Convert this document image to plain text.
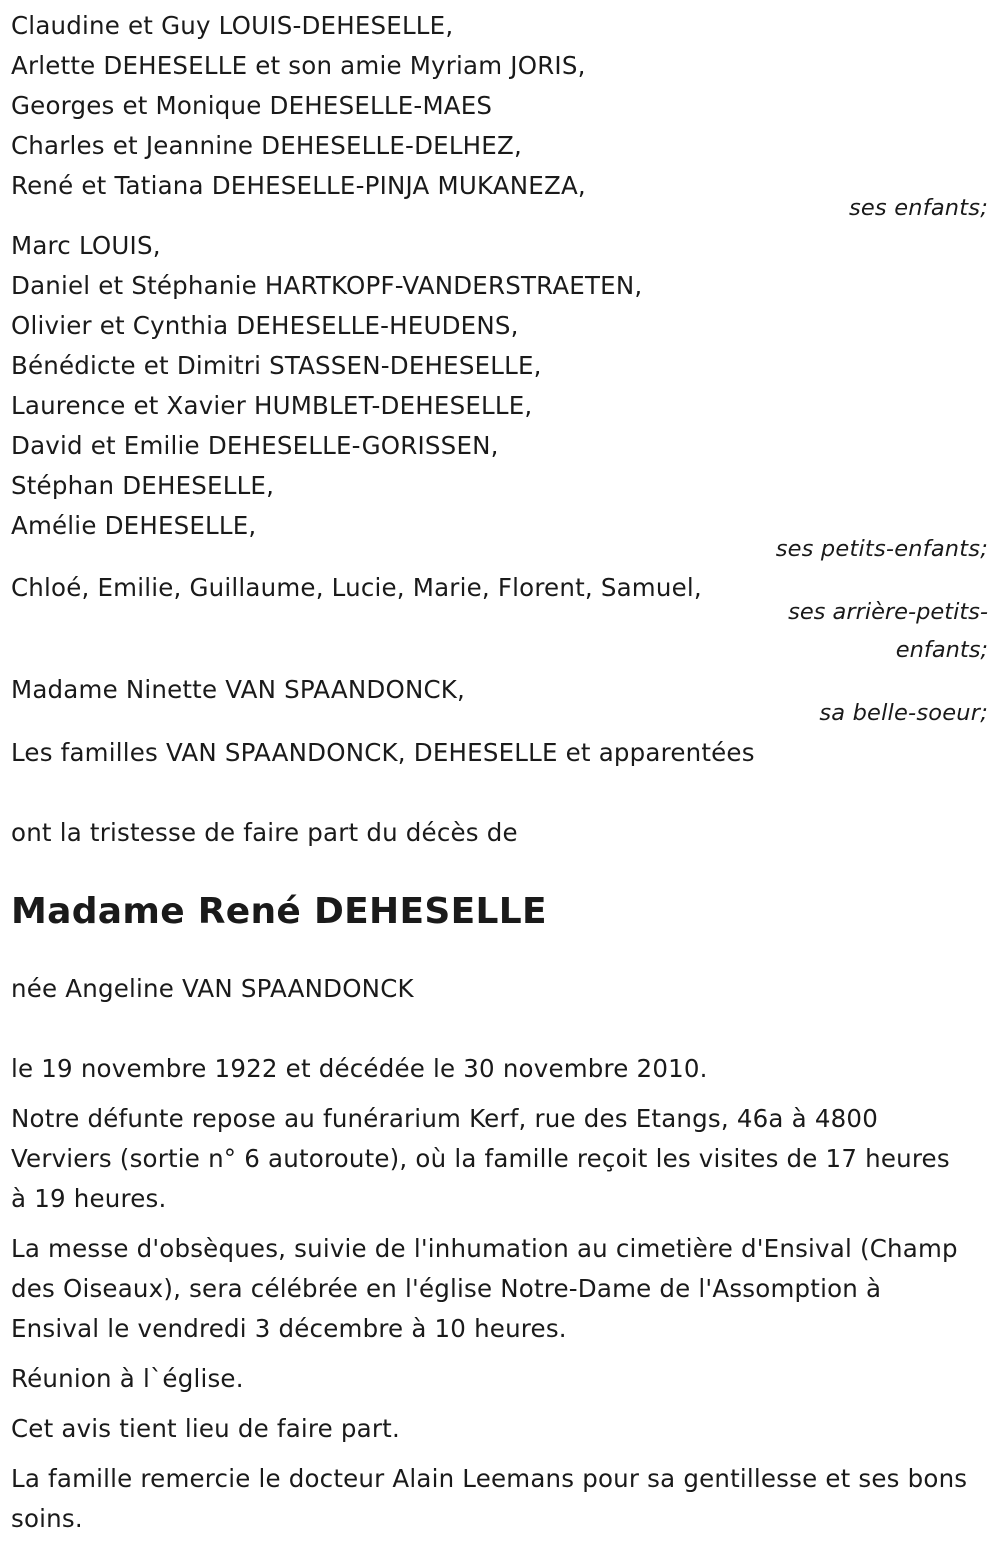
Claudine et Guy LOUIS-DEHESELLE,
Arlette DEHESELLE et son amie Myriam JORIS,
Georges et Monique DEHESELLE-MAES
Charles et Jeannine DEHESELLE-DELHEZ,
René et Tatiana DEHESELLE-PINJA MUKANEZA,
ses enfants;
Marc LOUIS,
Daniel et Stéphanie HARTKOPF-VANDERSTRAETEN,
Olivier et Cynthia DEHESELLE-HEUDENS,
Bénédicte et Dimitri STASSEN-DEHESELLE,
Laurence et Xavier HUMBLET-DEHESELLE,
David et Emilie DEHESELLE-GORISSEN,
Stéphan DEHESELLE,
Amélie DEHESELLE,
ses petits-enfants;
Chloé, Emilie, Guillaume, Lucie, Marie, Florent, Samuel,
ses arrière-petits-
enfants;
Madame Ninette VAN SPAANDONCK,
sa belle-soeur;
Les familles VAN SPAANDONCK, DEHESELLE et apparentées
ont la tristesse de faire part du décès de
Madame René DEHESELLE
née Angeline VAN SPAANDONCK
le 19 novembre 1922 et décédée le 30 novembre 2010.
Notre défunte repose au funérarium Kerf, rue des Etangs, 46a à 4800 Verviers (sortie n° 6 autoroute), où la famille reçoit les visites de 17 heures à 19 heures.
La messe d'obsèques, suivie de l'inhumation au cimetière d'Ensival (Champ des Oiseaux), sera célébrée en l'église Notre-Dame de l'Assomption à Ensival le vendredi 3 décembre à 10 heures.
Réunion à l`église.
Cet avis tient lieu de faire part.
La famille remercie le docteur Alain Leemans pour sa gentillesse et ses bons soins.
